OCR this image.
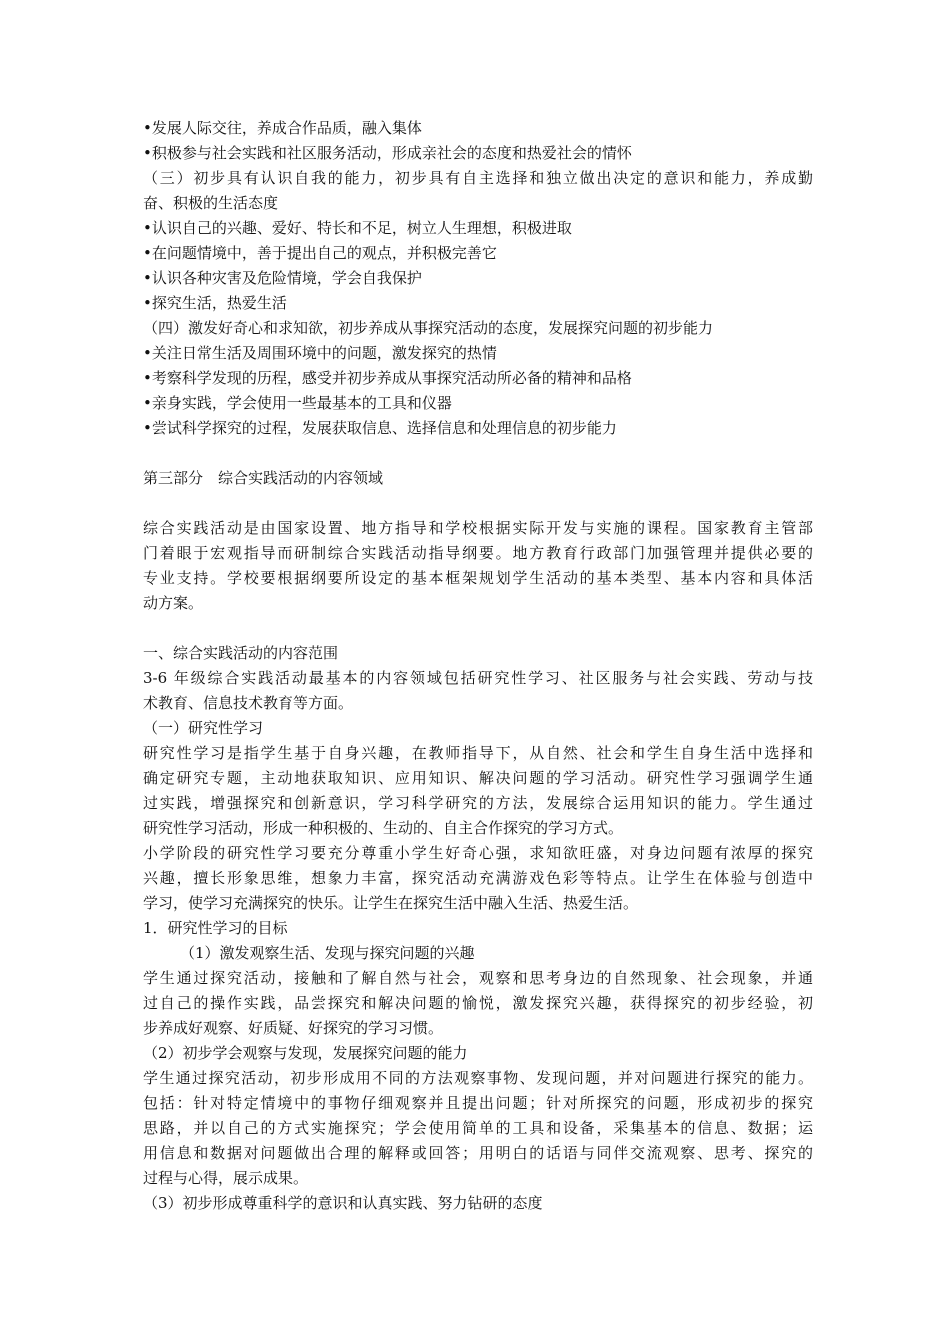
•发展人际交往，养成合作品质，融入集体
•积极参与社会实践和社区服务活动，形成亲社会的态度和热爱社会的情怀
（三）初步具有认识自我的能力，初步具有自主选择和独立做出决定的意识和能力，养成勤
奋、积极的生活态度
•认识自己的兴趣、爱好、特长和不足，树立人生理想，积极进取
•在问题情境中，善于提出自己的观点，并积极完善它
•认识各种灾害及危险情境，学会自我保护
•探究生活，热爱生活
（四）激发好奇心和求知欲，初步养成从事探究活动的态度，发展探究问题的初步能力
•关注日常生活及周围环境中的问题，激发探究的热情
•考察科学发现的历程，感受并初步养成从事探究活动所必备的精神和品格
•亲身实践，学会使用一些最基本的工具和仪器
•尝试科学探究的过程，发展获取信息、选择信息和处理信息的初步能力
第三部分　综合实践活动的内容领域
综合实践活动是由国家设置、地方指导和学校根据实际开发与实施的课程。国家教育主管部
门着眼于宏观指导而研制综合实践活动指导纲要。地方教育行政部门加强管理并提供必要的
专业支持。学校要根据纲要所设定的基本框架规划学生活动的基本类型、基本内容和具体活
动方案。
一、综合实践活动的内容范围
3-6 年级综合实践活动最基本的内容领域包括研究性学习、社区服务与社会实践、劳动与技
术教育、信息技术教育等方面。
（一）研究性学习
研究性学习是指学生基于自身兴趣，在教师指导下，从自然、社会和学生自身生活中选择和
确定研究专题，主动地获取知识、应用知识、解决问题的学习活动。研究性学习强调学生通
过实践，增强探究和创新意识，学习科学研究的方法，发展综合运用知识的能力。学生通过
研究性学习活动，形成一种积极的、生动的、自主合作探究的学习方式。
小学阶段的研究性学习要充分尊重小学生好奇心强，求知欲旺盛，对身边问题有浓厚的探究
兴趣，擅长形象思维，想象力丰富，探究活动充满游戏色彩等特点。让学生在体验与创造中
学习，使学习充满探究的快乐。让学生在探究生活中融入生活、热爱生活。
1．研究性学习的目标
（1）激发观察生活、发现与探究问题的兴趣
学生通过探究活动，接触和了解自然与社会，观察和思考身边的自然现象、社会现象，并通
过自己的操作实践，品尝探究和解决问题的愉悦，激发探究兴趣，获得探究的初步经验，初
步养成好观察、好质疑、好探究的学习习惯。
（2）初步学会观察与发现，发展探究问题的能力
学生通过探究活动，初步形成用不同的方法观察事物、发现问题，并对问题进行探究的能力。
包括：针对特定情境中的事物仔细观察并且提出问题；针对所探究的问题，形成初步的探究
思路，并以自己的方式实施探究；学会使用简单的工具和设备，采集基本的信息、数据；运
用信息和数据对问题做出合理的解释或回答；用明白的话语与同伴交流观察、思考、探究的
过程与心得，展示成果。
（3）初步形成尊重科学的意识和认真实践、努力钻研的态度
